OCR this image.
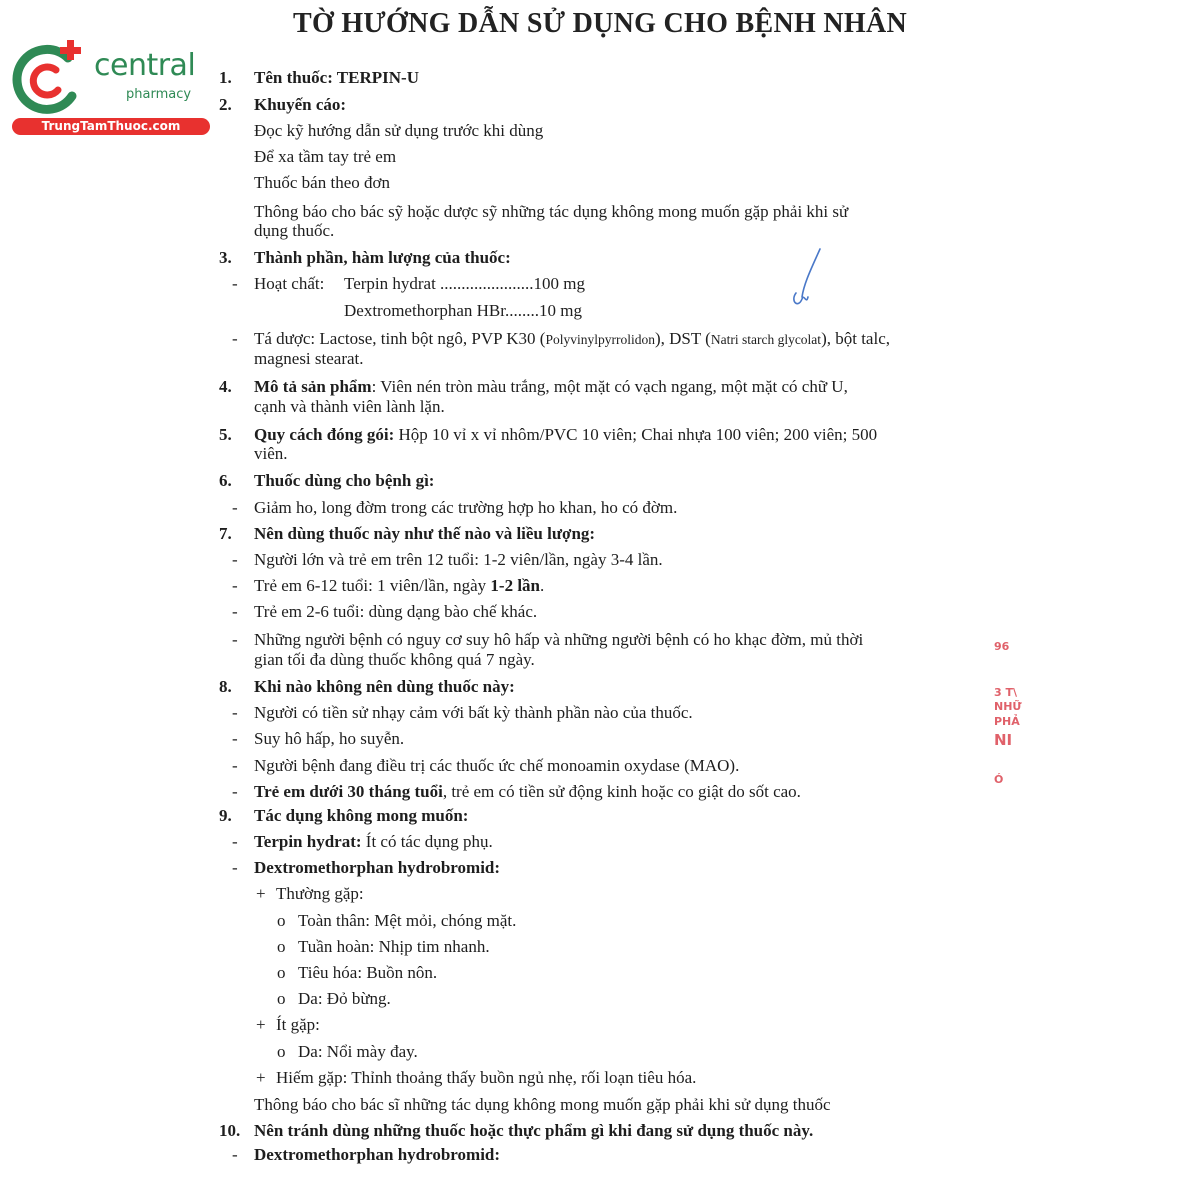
TỜ HƯỚNG DẪN SỬ DỤNG CHO BỆNH NHÂN
central
pharmacy
TrungTamThuoc.com
96
3 T\
NHỮ
PHẢ
NI
Ó
1. Tên thuốc: TERPIN-U
2. Khuyến cáo:
Đọc kỹ hướng dẫn sử dụng trước khi dùng
Để xa tầm tay trẻ em
Thuốc bán theo đơn
Thông báo cho bác sỹ hoặc dược sỹ những tác dụng không mong muốn gặp phải khi sử
dụng thuốc.
3. Thành phần, hàm lượng của thuốc:
- Hoạt chất: Terpin hydrat ......................100 mg
Dextromethorphan HBr........10 mg
- Tá dược: Lactose, tinh bột ngô, PVP K30 (Polyvinylpyrrolidon), DST (Natri starch glycolat), bột talc,
magnesi stearat.
4. Mô tả sản phẩm: Viên nén tròn màu trắng, một mặt có vạch ngang, một mặt có chữ U,
cạnh và thành viên lành lặn.
5. Quy cách đóng gói: Hộp 10 vỉ x vỉ nhôm/PVC 10 viên; Chai nhựa 100 viên; 200 viên; 500
viên.
6. Thuốc dùng cho bệnh gì:
- Giảm ho, long đờm trong các trường hợp ho khan, ho có đờm.
7. Nên dùng thuốc này như thế nào và liều lượng:
- Người lớn và trẻ em trên 12 tuổi: 1-2 viên/lần, ngày 3-4 lần.
- Trẻ em 6-12 tuổi: 1 viên/lần, ngày 1-2 lần.
- Trẻ em 2-6 tuổi: dùng dạng bào chế khác.
- Những người bệnh có nguy cơ suy hô hấp và những người bệnh có ho khạc đờm, mủ thời
gian tối đa dùng thuốc không quá 7 ngày.
8. Khi nào không nên dùng thuốc này:
- Người có tiền sử nhạy cảm với bất kỳ thành phần nào của thuốc.
- Suy hô hấp, ho suyễn.
- Người bệnh đang điều trị các thuốc ức chế monoamin oxydase (MAO).
- Trẻ em dưới 30 tháng tuổi, trẻ em có tiền sử động kinh hoặc co giật do sốt cao.
9. Tác dụng không mong muốn:
- Terpin hydrat: Ít có tác dụng phụ.
- Dextromethorphan hydrobromid:
+ Thường gặp:
o Toàn thân: Mệt mỏi, chóng mặt.
o Tuần hoàn: Nhịp tim nhanh.
o Tiêu hóa: Buồn nôn.
o Da: Đỏ bừng.
+ Ít gặp:
o Da: Nổi mày đay.
+ Hiếm gặp: Thỉnh thoảng thấy buồn ngủ nhẹ, rối loạn tiêu hóa.
Thông báo cho bác sĩ những tác dụng không mong muốn gặp phải khi sử dụng thuốc
10. Nên tránh dùng những thuốc hoặc thực phẩm gì khi đang sử dụng thuốc này.
- Dextromethorphan hydrobromid:
